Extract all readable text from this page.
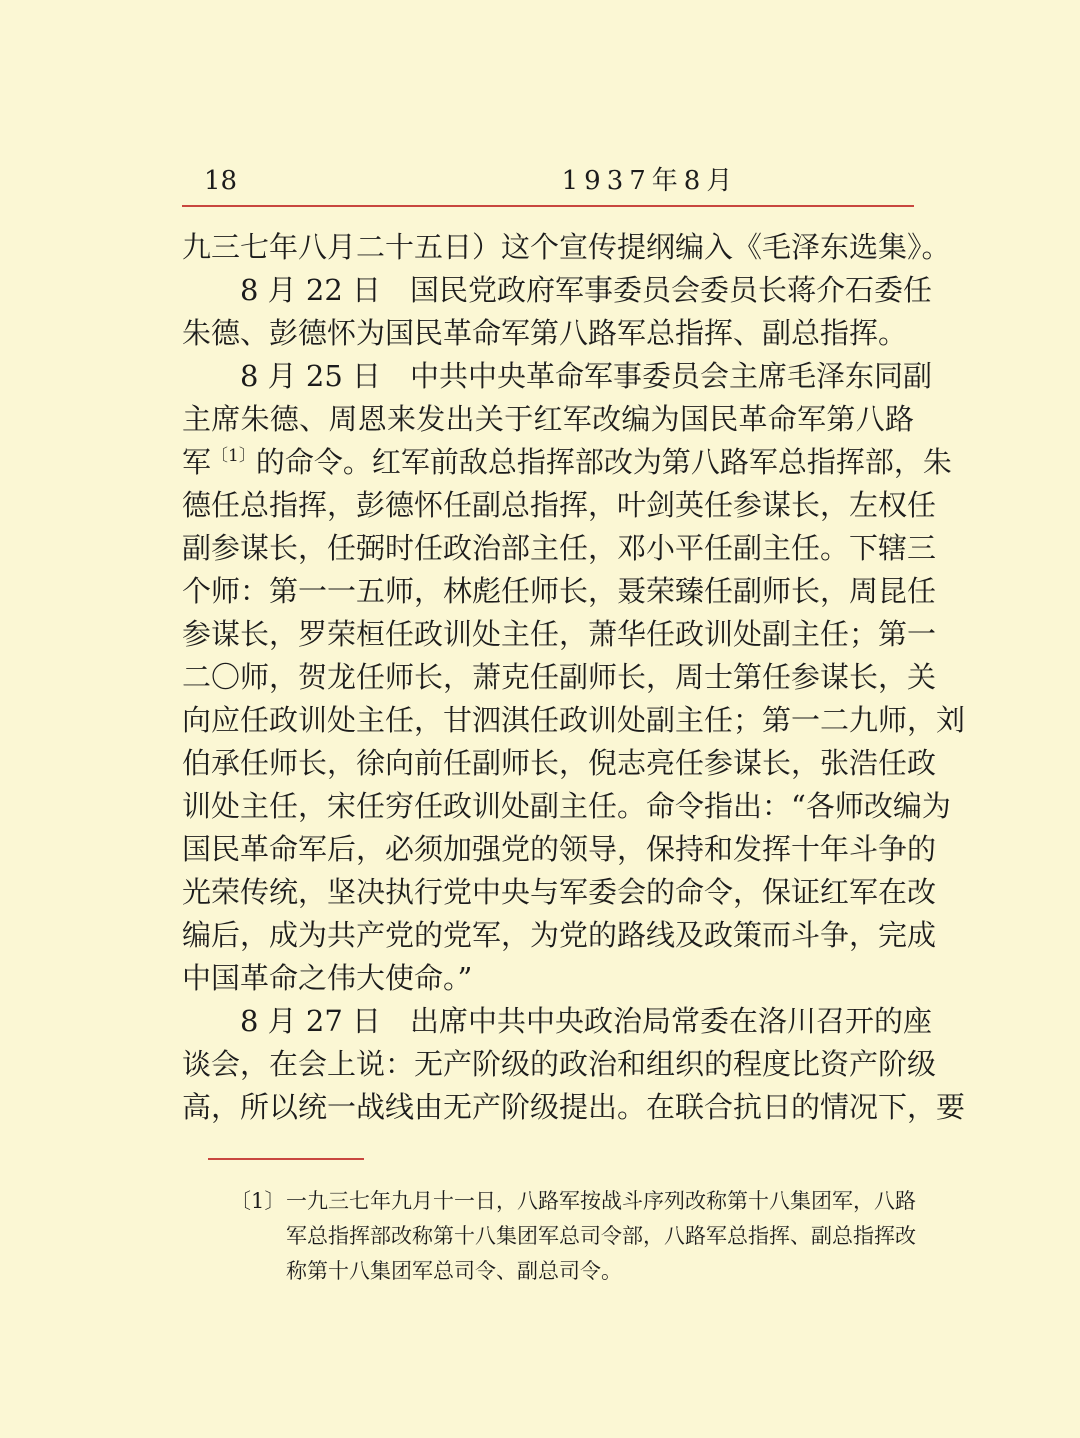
18	1937年8月
九三七年八月二十五日）这个宣传提纲编入《毛泽东选集》。
8 月 22 日　国民党政府军事委员会委员长蒋介石委任
朱德、彭德怀为国民革命军第八路军总指挥、副总指挥。
8 月 25 日　中共中央革命军事委员会主席毛泽东同副
主席朱德、周恩来发出关于红军改编为国民革命军第八路
军$^{〔1〕}$的命令。红军前敌总指挥部改为第八路军总指挥部，朱
德任总指挥，彭德怀任副总指挥，叶剑英任参谋长，左权任
副参谋长，任弼时任政治部主任，邓小平任副主任。下辖三
个师：第一一五师，林彪任师长，聂荣臻任副师长，周昆任
参谋长，罗荣桓任政训处主任，萧华任政训处副主任；第一
二〇师，贺龙任师长，萧克任副师长，周士第任参谋长，关
向应任政训处主任，甘泗淇任政训处副主任；第一二九师，刘
伯承任师长，徐向前任副师长，倪志亮任参谋长，张浩任政
训处主任，宋任穷任政训处副主任。命令指出：“各师改编为
国民革命军后，必须加强党的领导，保持和发挥十年斗争的
光荣传统，坚决执行党中央与军委会的命令，保证红军在改
编后，成为共产党的党军，为党的路线及政策而斗争，完成
中国革命之伟大使命。”
8 月 27 日　出席中共中央政治局常委在洛川召开的座
谈会，在会上说：无产阶级的政治和组织的程度比资产阶级
高，所以统一战线由无产阶级提出。在联合抗日的情况下，要
〔1〕 一九三七年九月十一日，八路军按战斗序列改称第十八集团军，八路
军总指挥部改称第十八集团军总司令部，八路军总指挥、副总指挥改
称第十八集团军总司令、副总司令。
